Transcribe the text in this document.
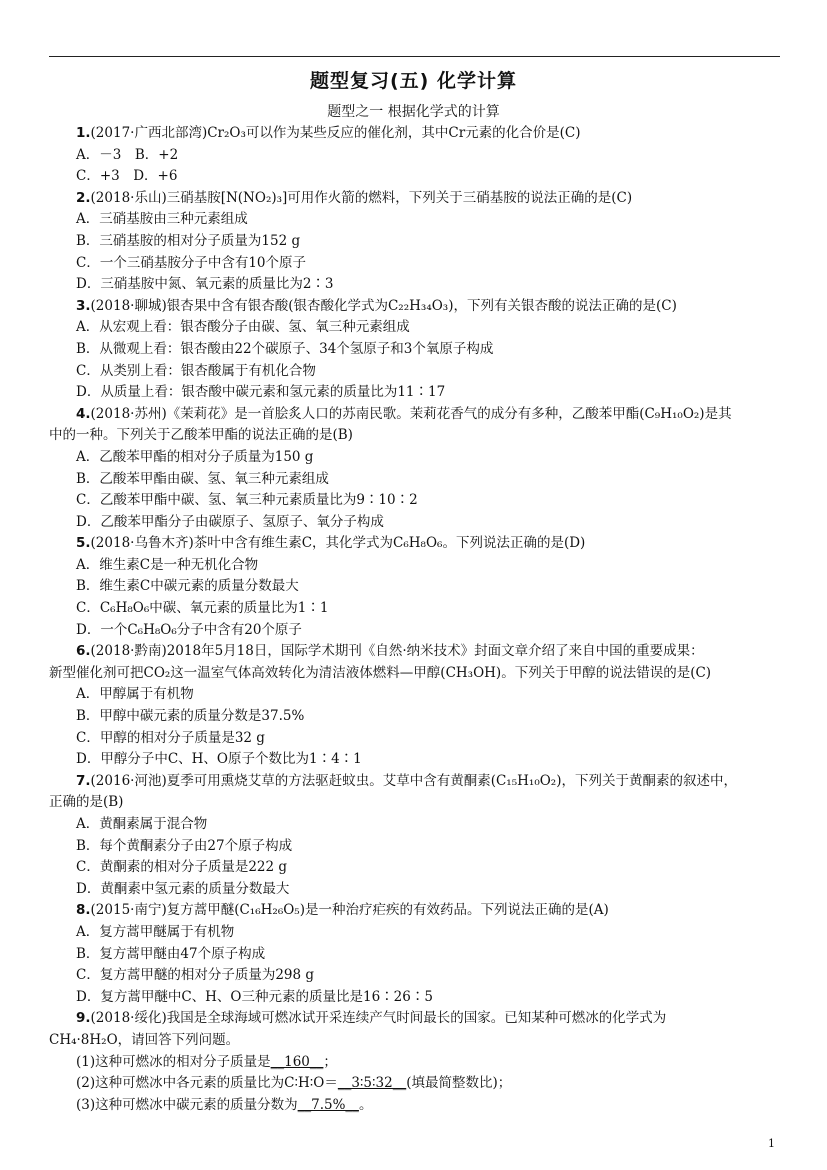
题型复习(五) 化学计算
题型之一 根据化学式的计算
1.(2017·广西北部湾)Cr₂O₃可以作为某些反应的催化剂，其中Cr元素的化合价是(C)
A．－3　B．+2
C．+3　D．+6
2.(2018·乐山)三硝基胺[N(NO₂)₃]可用作火箭的燃料，下列关于三硝基胺的说法正确的是(C)
A．三硝基胺由三种元素组成
B．三硝基胺的相对分子质量为152 g
C．一个三硝基胺分子中含有10个原子
D．三硝基胺中氮、氧元素的质量比为2∶3
3.(2018·聊城)银杏果中含有银杏酸(银杏酸化学式为C₂₂H₃₄O₃)，下列有关银杏酸的说法正确的是(C)
A．从宏观上看：银杏酸分子由碳、氢、氧三种元素组成
B．从微观上看：银杏酸由22个碳原子、34个氢原子和3个氧原子构成
C．从类别上看：银杏酸属于有机化合物
D．从质量上看：银杏酸中碳元素和氢元素的质量比为11∶17
4.(2018·苏州)《茉莉花》是一首脍炙人口的苏南民歌。茉莉花香气的成分有多种，乙酸苯甲酯(C₉H₁₀O₂)是其
中的一种。下列关于乙酸苯甲酯的说法正确的是(B)
A．乙酸苯甲酯的相对分子质量为150 g
B．乙酸苯甲酯由碳、氢、氧三种元素组成
C．乙酸苯甲酯中碳、氢、氧三种元素质量比为9∶10∶2
D．乙酸苯甲酯分子由碳原子、氢原子、氧分子构成
5.(2018·乌鲁木齐)茶叶中含有维生素C，其化学式为C₆H₈O₆。下列说法正确的是(D)
A．维生素C是一种无机化合物
B．维生素C中碳元素的质量分数最大
C．C₆H₈O₆中碳、氧元素的质量比为1∶1
D．一个C₆H₈O₆分子中含有20个原子
6.(2018·黔南)2018年5月18日，国际学术期刊《自然·纳米技术》封面文章介绍了来自中国的重要成果：
新型催化剂可把CO₂这一温室气体高效转化为清洁液体燃料—甲醇(CH₃OH)。下列关于甲醇的说法错误的是(C)
A．甲醇属于有机物
B．甲醇中碳元素的质量分数是37.5%
C．甲醇的相对分子质量是32 g
D．甲醇分子中C、H、O原子个数比为1∶4∶1
7.(2016·河池)夏季可用熏烧艾草的方法驱赶蚊虫。艾草中含有黄酮素(C₁₅H₁₀O₂)，下列关于黄酮素的叙述中，
正确的是(B)
A．黄酮素属于混合物
B．每个黄酮素分子由27个原子构成
C．黄酮素的相对分子质量是222 g
D．黄酮素中氢元素的质量分数最大
8.(2015·南宁)复方蒿甲醚(C₁₆H₂₆O₅)是一种治疗疟疾的有效药品。下列说法正确的是(A)
A．复方蒿甲醚属于有机物
B．复方蒿甲醚由47个原子构成
C．复方蒿甲醚的相对分子质量为298 g
D．复方蒿甲醚中C、H、O三种元素的质量比是16∶26∶5
9.(2018·绥化)我国是全球海域可燃冰试开采连续产气时间最长的国家。已知某种可燃冰的化学式为
CH₄·8H₂O，请回答下列问题。
(1)这种可燃冰的相对分子质量是__160__；
(2)这种可燃冰中各元素的质量比为C∶H∶O＝__3∶5∶32__(填最简整数比)；
(3)这种可燃冰中碳元素的质量分数为__7.5%__。
1
